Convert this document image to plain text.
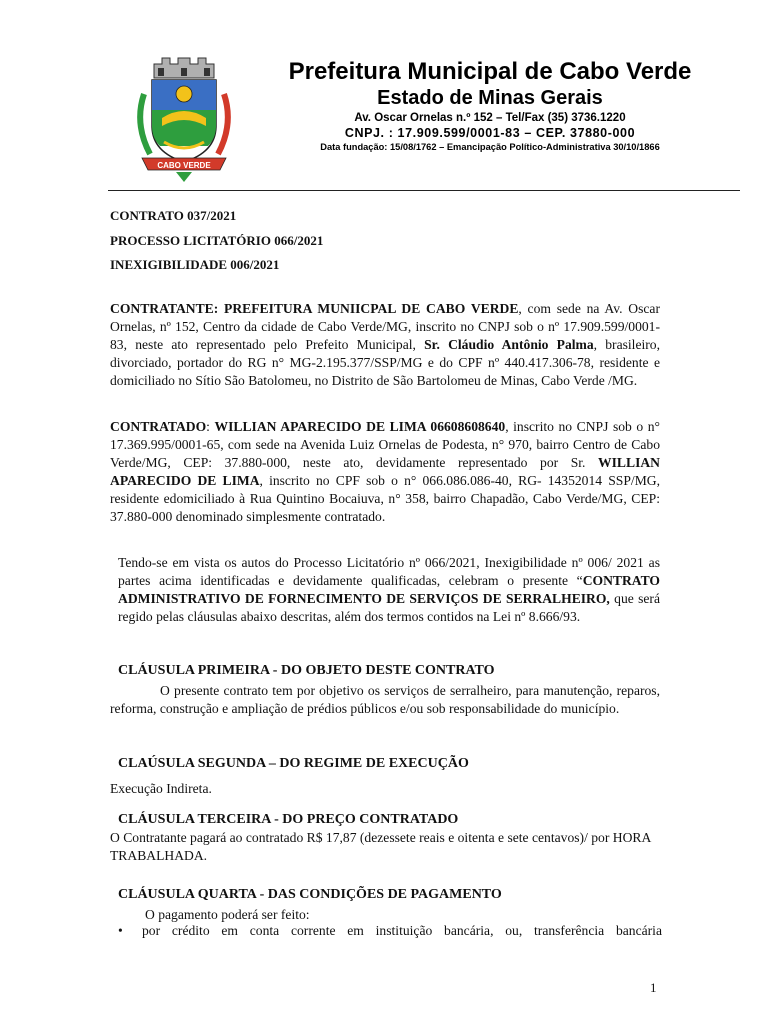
CABO VERDE
Prefeitura Municipal de Cabo Verde
Estado de Minas Gerais
Av. Oscar Ornelas n.º 152 – Tel/Fax (35) 3736.1220
CNPJ. : 17.909.599/0001-83 – CEP. 37880-000
Data fundação: 15/08/1762 – Emancipação Político-Administrativa 30/10/1866
CONTRATO 037/2021
PROCESSO LICITATÓRIO 066/2021
INEXIGIBILIDADE 006/2021
CONTRATANTE: PREFEITURA MUNIICPAL DE CABO VERDE, com sede na Av. Oscar Ornelas, nº 152, Centro da cidade de Cabo Verde/MG, inscrito no CNPJ sob o nº 17.909.599/0001-83, neste ato representado pelo Prefeito Municipal, Sr. Cláudio Antônio Palma, brasileiro, divorciado, portador do RG n° MG-2.195.377/SSP/MG e do CPF nº 440.417.306-78, residente e domiciliado no Sítio São Batolomeu, no Distrito de São Bartolomeu de Minas, Cabo Verde /MG.
CONTRATADO: WILLIAN APARECIDO DE LIMA 06608608640, inscrito no CNPJ sob o n° 17.369.995/0001-65, com sede na Avenida Luiz Ornelas de Podesta, n° 970, bairro Centro de Cabo Verde/MG, CEP: 37.880-000, neste ato, devidamente representado por Sr. WILLIAN APARECIDO DE LIMA, inscrito no CPF sob o n° 066.086.086-40, RG- 14352014 SSP/MG, residente edomiciliado à Rua Quintino Bocaiuva, n° 358, bairro Chapadão, Cabo Verde/MG, CEP: 37.880-000 denominado simplesmente contratado.
Tendo-se em vista os autos do Processo Licitatório nº 066/2021, Inexigibilidade nº 006/ 2021 as partes acima identificadas e devidamente qualificadas, celebram o presente “CONTRATO ADMINISTRATIVO DE FORNECIMENTO DE SERVIÇOS DE SERRALHEIRO, que será regido pelas cláusulas abaixo descritas, além dos termos contidos na Lei nº 8.666/93.
CLÁUSULA PRIMEIRA - DO OBJETO DESTE CONTRATO
O presente contrato tem por objetivo os serviços de serralheiro, para manutenção, reparos, reforma, construção e ampliação de prédios públicos e/ou sob responsabilidade do município.
CLAÚSULA SEGUNDA – DO REGIME DE EXECUÇÃO
Execução Indireta.
CLÁUSULA TERCEIRA - DO PREÇO CONTRATADO
O Contratante pagará ao contratado R$ 17,87 (dezessete reais e oitenta e sete centavos)/ por HORA TRABALHADA.
CLÁUSULA QUARTA - DAS CONDIÇÕES DE PAGAMENTO
O pagamento poderá ser feito:
• por crédito em conta corrente em instituição bancária, ou, transferência bancária
1
